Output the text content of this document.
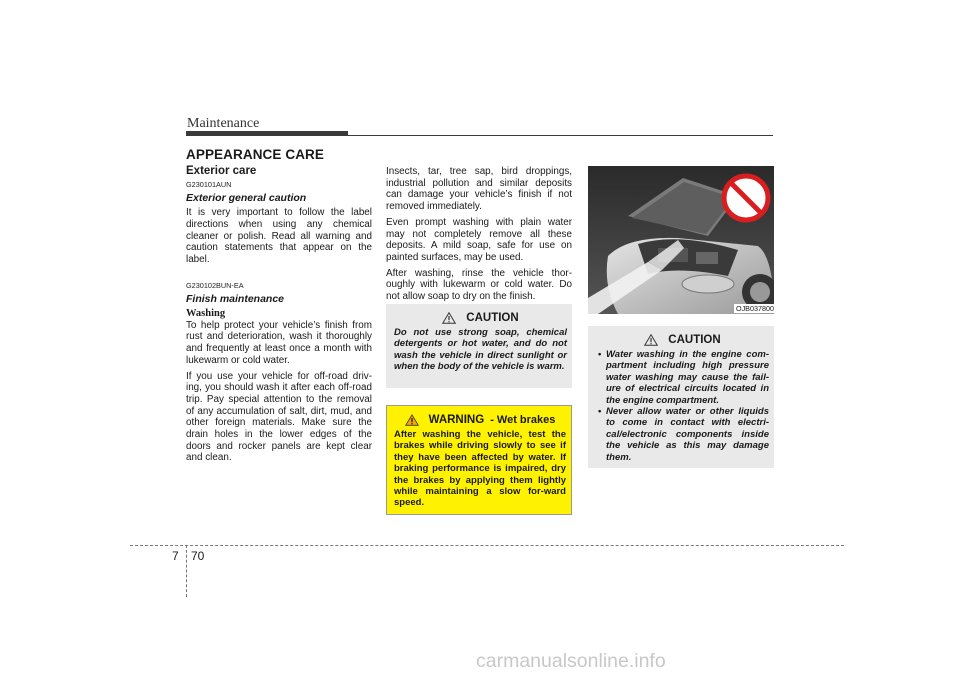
Maintenance
APPEARANCE CARE
Exterior care
G230101AUN
Exterior general caution

It is very important to follow the label directions when using any chemical cleaner or polish. Read all warning and caution statements that appear on the label.

G230102BUN-EA
Finish maintenance
Washing

To help protect your vehicle’s finish from rust and deterioration, wash it thoroughly and frequently at least once a month with lukewarm or cold water.

If you use your vehicle for off-road driv-ing, you should wash it after each off-road trip. Pay special attention to the removal of any accumulation of salt, dirt, mud, and other foreign materials. Make sure the drain holes in the lower edges of the doors and rocker panels are kept clear and clean.

Insects, tar, tree sap, bird droppings, industrial pollution and similar deposits can damage your vehicle’s finish if not removed immediately.

Even prompt washing with plain water may not completely remove all these deposits. A mild soap, safe for use on painted surfaces, may be used.

After washing, rinse the vehicle thor-oughly with lukewarm or cold water. Do not allow soap to dry on the finish.

CAUTION
Do not use strong soap, chemical detergents or hot water, and do not wash the vehicle in direct sunlight or when the body of the vehicle is warm.
WARNING - Wet brakes
After washing the vehicle, test the brakes while driving slowly to see if they have been affected by water. If braking performance is impaired, dry the brakes by applying them lightly while maintaining a slow for-ward speed.
OJB037800
CAUTION
• Water washing in the engine com-partment including high pressure water washing may cause the fail-ure of electrical circuits located in the engine compartment.
• Never allow water or other liquids to come in contact with electri-cal/electronic components inside the vehicle as this may damage them.
7 70
carmanualsonline.info
